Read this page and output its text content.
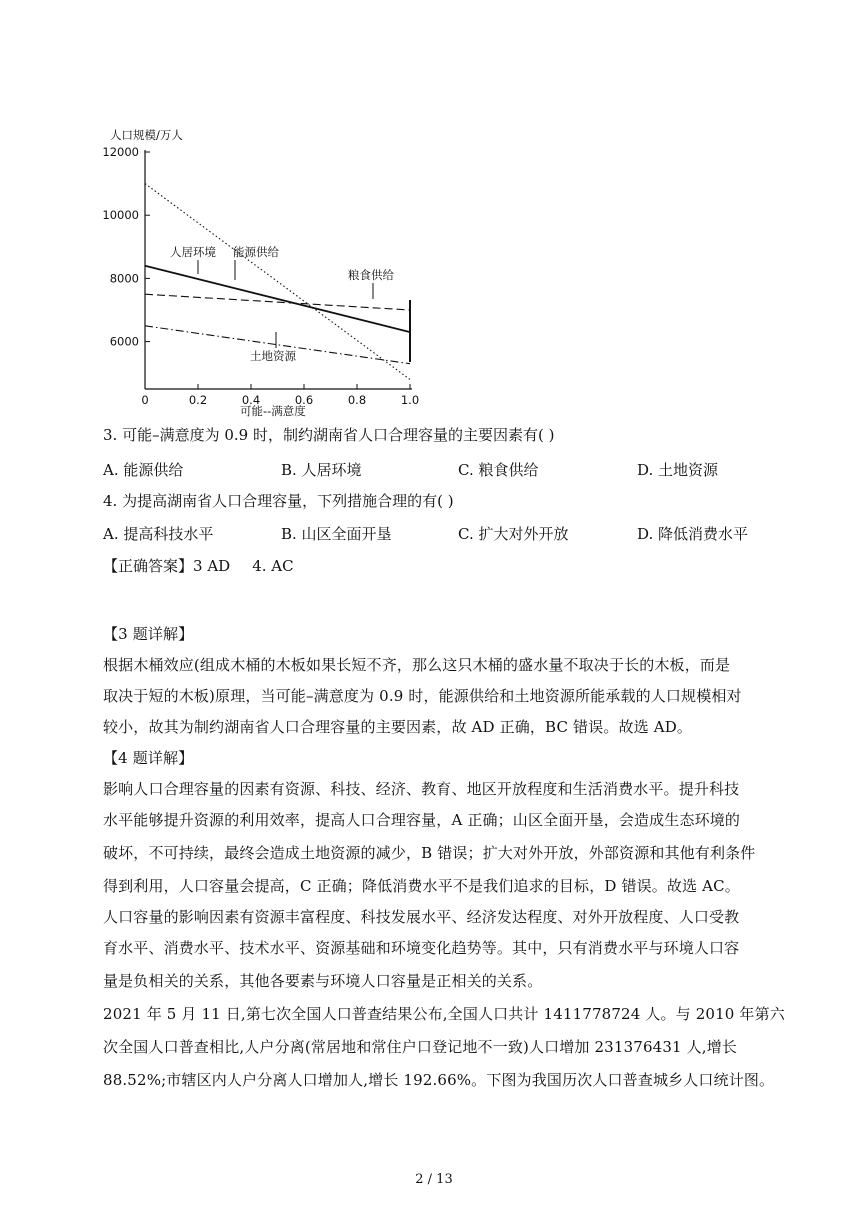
人口规模/万人
6000
8000
10000
12000
0	0.2	0.4	0.6	0.8	1.0
人居环境 能源供给
粮食供给
土地资源
可能--满意度
3. 可能–满意度为 0.9 时，制约湖南省人口合理容量的主要因素有( )
A. 能源供给	B. 人居环境	C. 粮食供给	D. 土地资源
4. 为提高湖南省人口合理容量，下列措施合理的有( )
A. 提高科技水平	B. 山区全面开垦	C. 扩大对外开放	D. 降低消费水平
【正确答案】3 AD 4. AC
【3 题详解】
根据木桶效应(组成木桶的木板如果长短不齐，那么这只木桶的盛水量不取决于长的木板，而是
取决于短的木板)原理，当可能–满意度为 0.9 时，能源供给和土地资源所能承载的人口规模相对
较小，故其为制约湖南省人口合理容量的主要因素，故 AD 正确，BC 错误。故选 AD。
【4 题详解】
影响人口合理容量的因素有资源、科技、经济、教育、地区开放程度和生活消费水平。提升科技
水平能够提升资源的利用效率，提高人口合理容量，A 正确；山区全面开垦，会造成生态环境的
破坏，不可持续，最终会造成土地资源的减少，B 错误；扩大对外开放，外部资源和其他有利条件
得到利用，人口容量会提高，C 正确；降低消费水平不是我们追求的目标，D 错误。故选 AC。
人口容量的影响因素有资源丰富程度、科技发展水平、经济发达程度、对外开放程度、人口受教
育水平、消费水平、技术水平、资源基础和环境变化趋势等。其中，只有消费水平与环境人口容
量是负相关的关系，其他各要素与环境人口容量是正相关的关系。
2021 年 5 月 11 日,第七次全国人口普查结果公布,全国人口共计 1411778724 人。与 2010 年第六
次全国人口普查相比,人户分离(常居地和常住户口登记地不一致)人口增加 231376431 人,增长
88.52%;市辖区内人户分离人口增加人,增长 192.66%。下图为我国历次人口普查城乡人口统计图。
2 / 13
